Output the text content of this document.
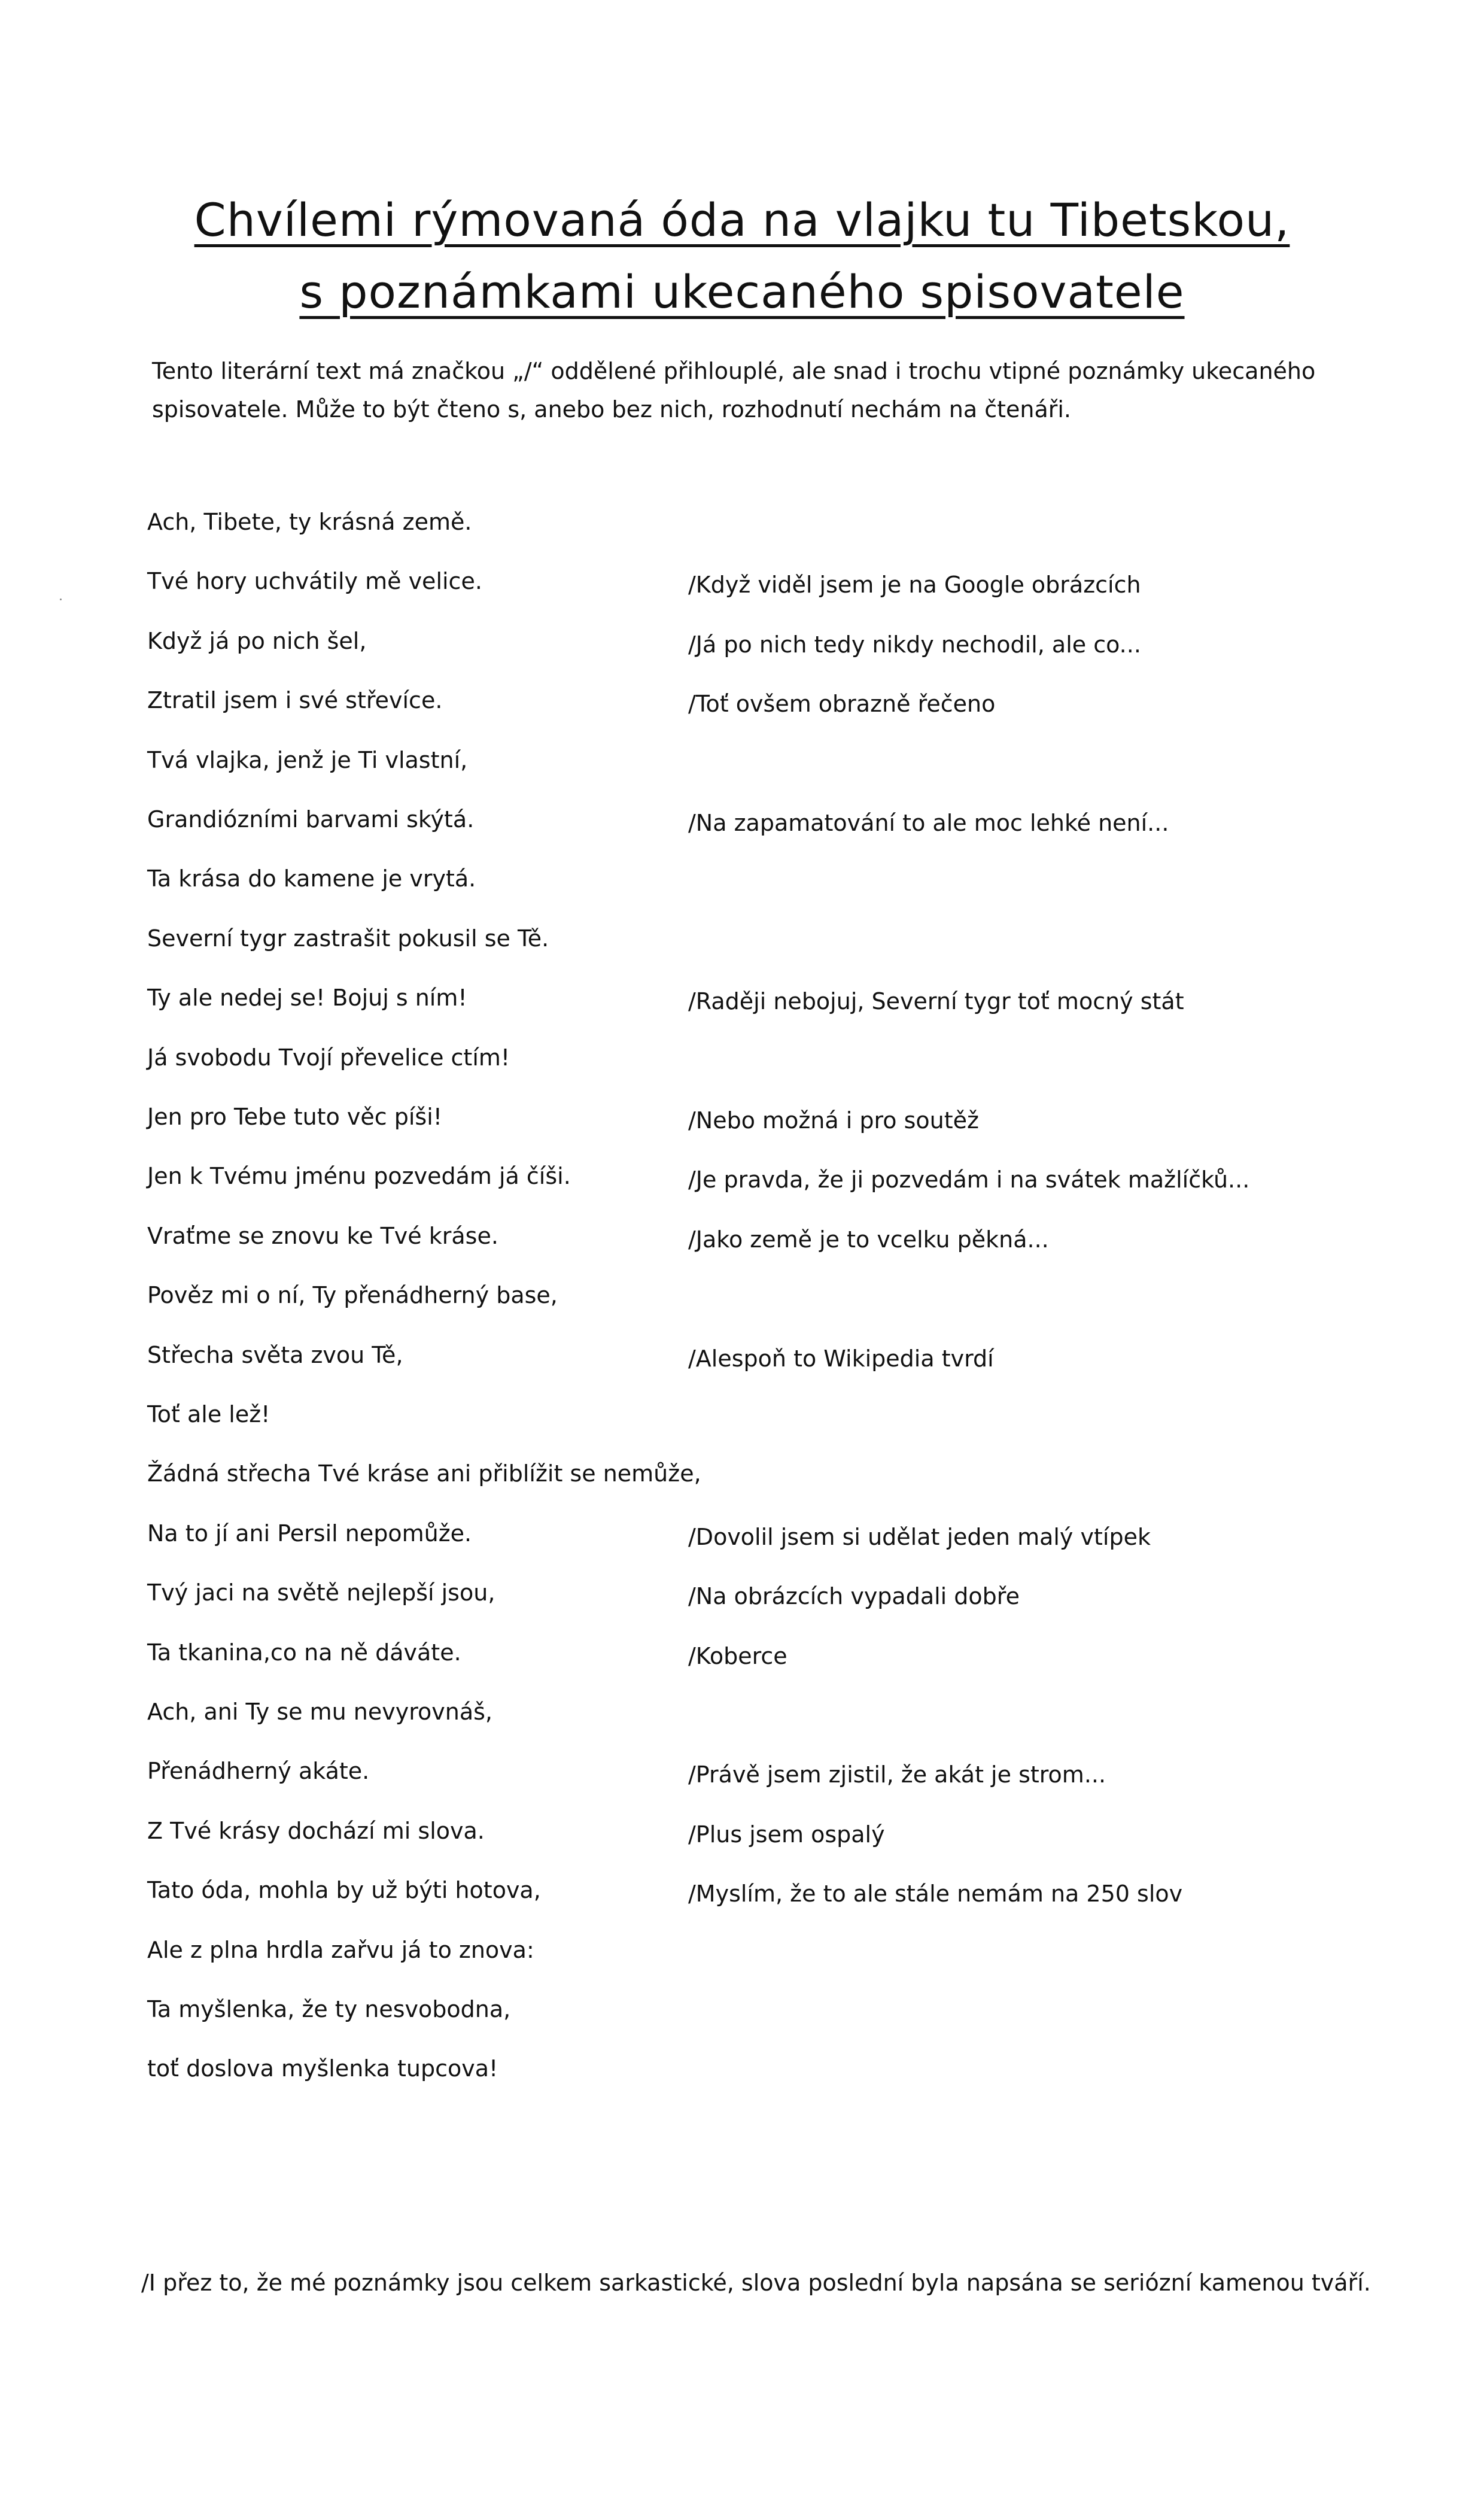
Chvílemi rýmovaná óda na vlajku tu Tibetskou,
s poznámkami ukecaného spisovatele
Tento literární text má značkou „/“ oddělené přihlouplé, ale snad i trochu vtipné poznámky ukecaného
spisovatele. Může to být čteno s, anebo bez nich, rozhodnutí nechám na čtenáři.
Ach, Tibete, ty krásná země.
Tvé hory uchvátily mě velice.
Když já po nich šel,
Ztratil jsem i své střevíce.
Tvá vlajka, jenž je Ti vlastní,
Grandiózními barvami skýtá.
Ta krása do kamene je vrytá.
Severní tygr zastrašit pokusil se Tě.
Ty ale nedej se! Bojuj s ním!
Já svobodu Tvojí převelice ctím!
Jen pro Tebe tuto věc píši!
Jen k Tvému jménu pozvedám já číši.
Vraťme se znovu ke Tvé kráse.
Pověz mi o ní, Ty přenádherný base,
Střecha světa zvou Tě,
Toť ale lež!
Žádná střecha Tvé kráse ani přiblížit se nemůže,
Na to jí ani Persil nepomůže.
Tvý jaci na světě nejlepší jsou,
Ta tkanina,co na ně dáváte.
Ach, ani Ty se mu nevyrovnáš,
Přenádherný akáte.
Z Tvé krásy dochází mi slova.
Tato óda, mohla by už býti hotova,
Ale z plna hrdla zařvu já to znova:
Ta myšlenka, že ty nesvobodna,
toť doslova myšlenka tupcova!
/Když viděl jsem je na Google obrázcích
/Já po nich tedy nikdy nechodil, ale co...
/Toť ovšem obrazně řečeno
/Na zapamatování to ale moc lehké není...
/Raději nebojuj, Severní tygr toť mocný stát
/Nebo možná i pro soutěž
/Je pravda, že ji pozvedám i na svátek mažlíčků...
/Jako země je to vcelku pěkná...
/Alespoň to Wikipedia tvrdí
/Dovolil jsem si udělat jeden malý vtípek
/Na obrázcích vypadali dobře
/Koberce
/Právě jsem zjistil, že akát je strom...
/Plus jsem ospalý
/Myslím, že to ale stále nemám na 250 slov
/I přez to, že mé poznámky jsou celkem sarkastické, slova poslední byla napsána se seriózní kamenou tváří.
